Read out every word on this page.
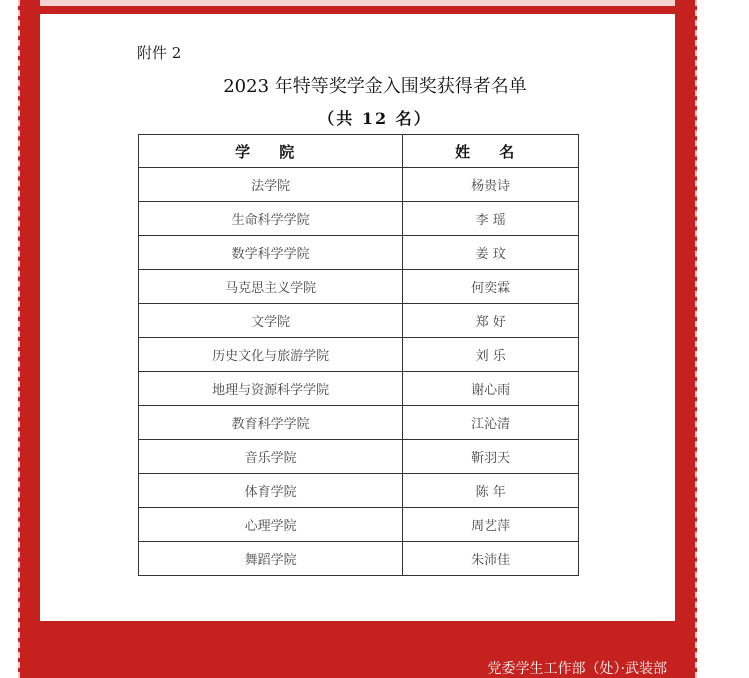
附件 2
2023 年特等奖学金入围奖获得者名单
（共 12 名）
学 院	姓 名
法学院	杨贵诗
生命科学学院	李 瑶
数学科学学院	姜 玟
马克思主义学院	何奕霖
文学院	郑 好
历史文化与旅游学院	刘 乐
地理与资源科学学院	谢心雨
教育科学学院	江沁清
音乐学院	靳羽天
体育学院	陈 年
心理学院	周艺萍
舞蹈学院	朱沛佳
党委学生工作部（处）·武装部
